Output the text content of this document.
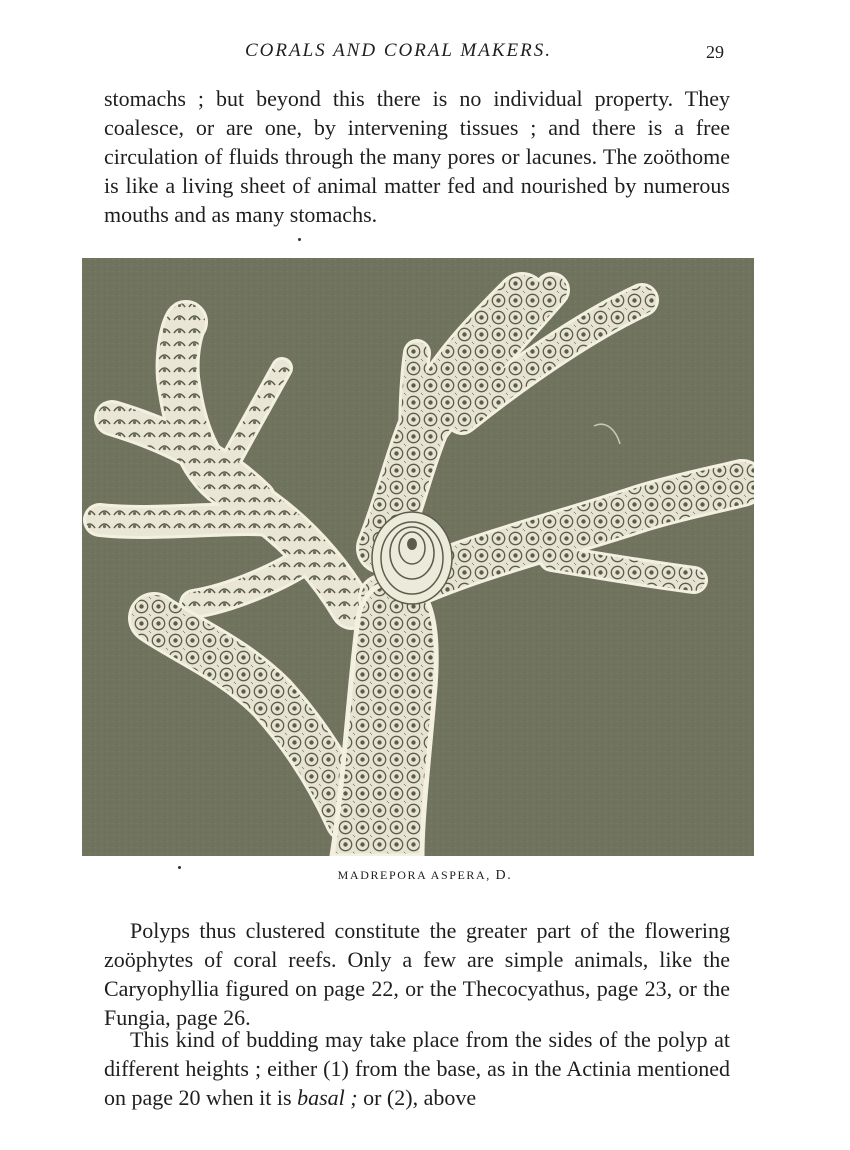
CORALS AND CORAL MAKERS.	29

stomachs ; but beyond this there is no individual property. They coalesce, or are one, by intervening tissues ; and there is a free circulation of fluids through the many pores or lacunes. The zoöthome is like a living sheet of animal matter fed and nourished by numerous mouths and as many stomachs.

MADREPORA ASPERA, D.

Polyps thus clustered constitute the greater part of the flowering zoöphytes of coral reefs. Only a few are simple animals, like the Caryophyllia figured on page 22, or the Thecocyathus, page 23, or the Fungia, page 26.

This kind of budding may take place from the sides of the polyp at different heights ; either (1) from the base, as in the Actinia mentioned on page 20 when it is basal ; or (2), above
